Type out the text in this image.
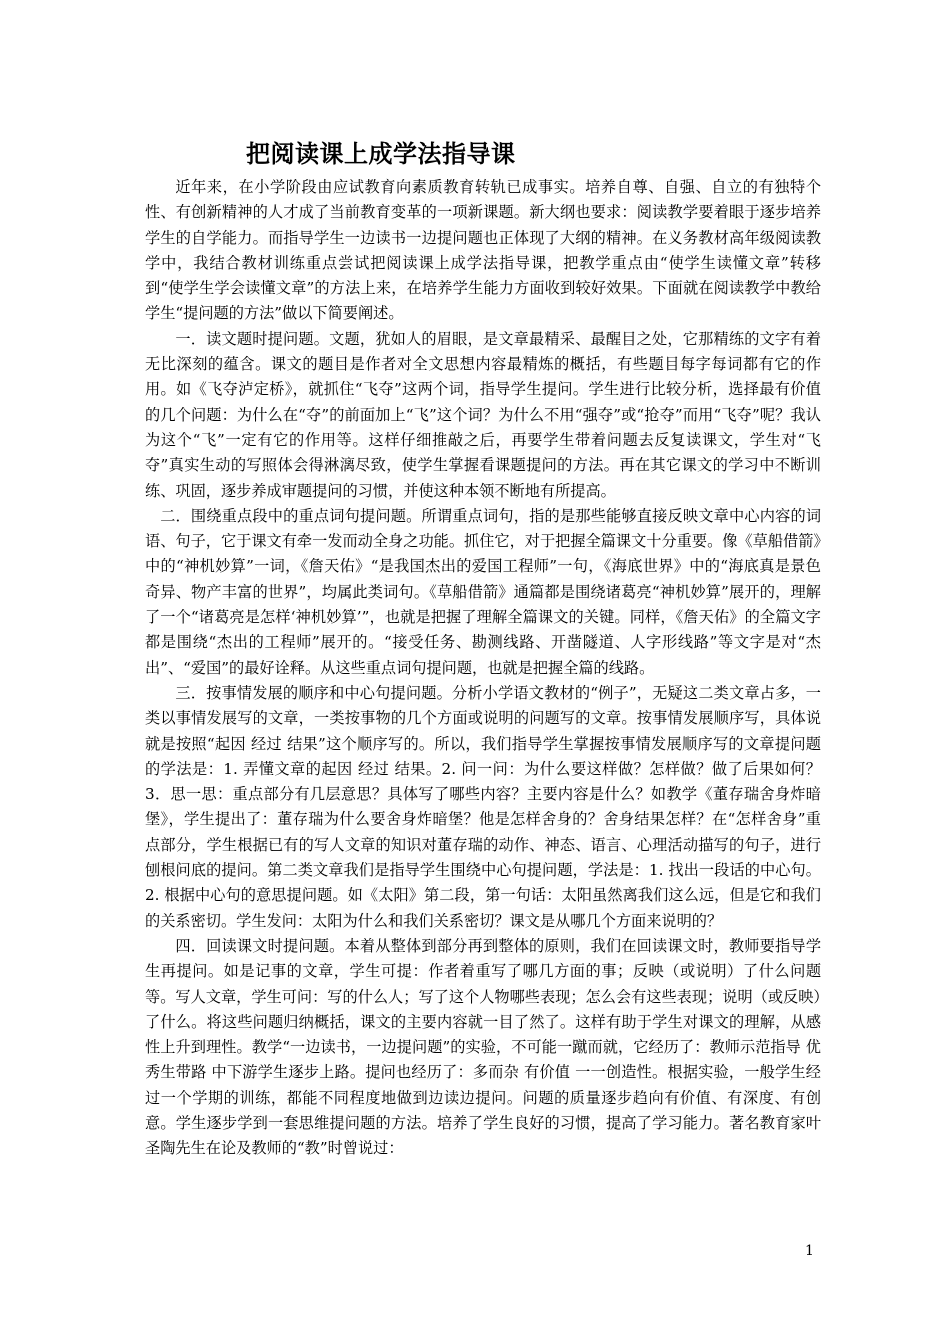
把阅读课上成学法指导课

近年来，在小学阶段由应试教育向素质教育转轨已成事实。培养自尊、自强、自立的有独特个性、有创新精神的人才成了当前教育变革的一项新课题。新大纲也要求：阅读教学要着眼于逐步培养学生的自学能力。而指导学生一边读书一边提问题也正体现了大纲的精神。在义务教材高年级阅读教学中，我结合教材训练重点尝试把阅读课上成学法指导课，把教学重点由“使学生读懂文章”转移到“使学生学会读懂文章”的方法上来，在培养学生能力方面收到较好效果。下面就在阅读教学中教给学生“提问题的方法”做以下简要阐述。

一．读文题时提问题。文题，犹如人的眉眼，是文章最精采、最醒目之处，它那精练的文字有着无比深刻的蕴含。课文的题目是作者对全文思想内容最精炼的概括，有些题目每字每词都有它的作用。如《飞夺泸定桥》，就抓住“飞夺”这两个词，指导学生提问。学生进行比较分析，选择最有价值的几个问题：为什么在“夺”的前面加上“飞”这个词？为什么不用“强夺”或“抢夺”而用“飞夺”呢？我认为这个“飞”一定有它的作用等。这样仔细推敲之后，再要学生带着问题去反复读课文，学生对“飞夺”真实生动的写照体会得淋漓尽致，使学生掌握看课题提问的方法。再在其它课文的学习中不断训练、巩固，逐步养成审题提问的习惯，并使这种本领不断地有所提高。

二．围绕重点段中的重点词句提问题。所谓重点词句，指的是那些能够直接反映文章中心内容的词语、句子，它于课文有牵一发而动全身之功能。抓住它，对于把握全篇课文十分重要。像《草船借箭》中的“神机妙算”一词，《詹天佑》“是我国杰出的爱国工程师”一句，《海底世界》中的“海底真是景色奇异、物产丰富的世界”，均属此类词句。《草船借箭》通篇都是围绕诸葛亮“神机妙算”展开的，理解了一个“诸葛亮是怎样‘神机妙算’”，也就是把握了理解全篇课文的关键。同样，《詹天佑》的全篇文字都是围绕“杰出的工程师”展开的。“接受任务、勘测线路、开凿隧道、人字形线路”等文字是对“杰出”、“爱国”的最好诠释。从这些重点词句提问题，也就是把握全篇的线路。

三．按事情发展的顺序和中心句提问题。分析小学语文教材的“例子”，无疑这二类文章占多，一类以事情发展写的文章，一类按事物的几个方面或说明的问题写的文章。按事情发展顺序写，具体说就是按照“起因 经过 结果”这个顺序写的。所以，我们指导学生掌握按事情发展顺序写的文章提问题的学法是：1. 弄懂文章的起因 经过 结果。2. 问一问：为什么要这样做？怎样做？做了后果如何？3．思一思：重点部分有几层意思？具体写了哪些内容？主要内容是什么？如教学《董存瑞舍身炸暗堡》，学生提出了：董存瑞为什么要舍身炸暗堡？他是怎样舍身的？舍身结果怎样？在“怎样舍身”重点部分，学生根据已有的写人文章的知识对董存瑞的动作、神态、语言、心理活动描写的句子，进行刨根问底的提问。第二类文章我们是指导学生围绕中心句提问题，学法是：1. 找出一段话的中心句。2. 根据中心句的意思提问题。如《太阳》第二段，第一句话：太阳虽然离我们这么远，但是它和我们的关系密切。学生发问：太阳为什么和我们关系密切？课文是从哪几个方面来说明的？

四．回读课文时提问题。本着从整体到部分再到整体的原则，我们在回读课文时，教师要指导学生再提问。如是记事的文章，学生可提：作者着重写了哪几方面的事；反映（或说明）了什么问题等。写人文章，学生可问：写的什么人；写了这个人物哪些表现；怎么会有这些表现；说明（或反映）了什么。将这些问题归纳概括，课文的主要内容就一目了然了。这样有助于学生对课文的理解，从感性上升到理性。教学“一边读书，一边提问题”的实验，不可能一蹴而就，它经历了：教师示范指导 优秀生带路 中下游学生逐步上路。提问也经历了：多而杂 有价值 一一创造性。根据实验，一般学生经过一个学期的训练，都能不同程度地做到边读边提问。问题的质量逐步趋向有价值、有深度、有创意。学生逐步学到一套思维提问题的方法。培养了学生良好的习惯，提高了学习能力。著名教育家叶圣陶先生在论及教师的“教”时曾说过：

1
